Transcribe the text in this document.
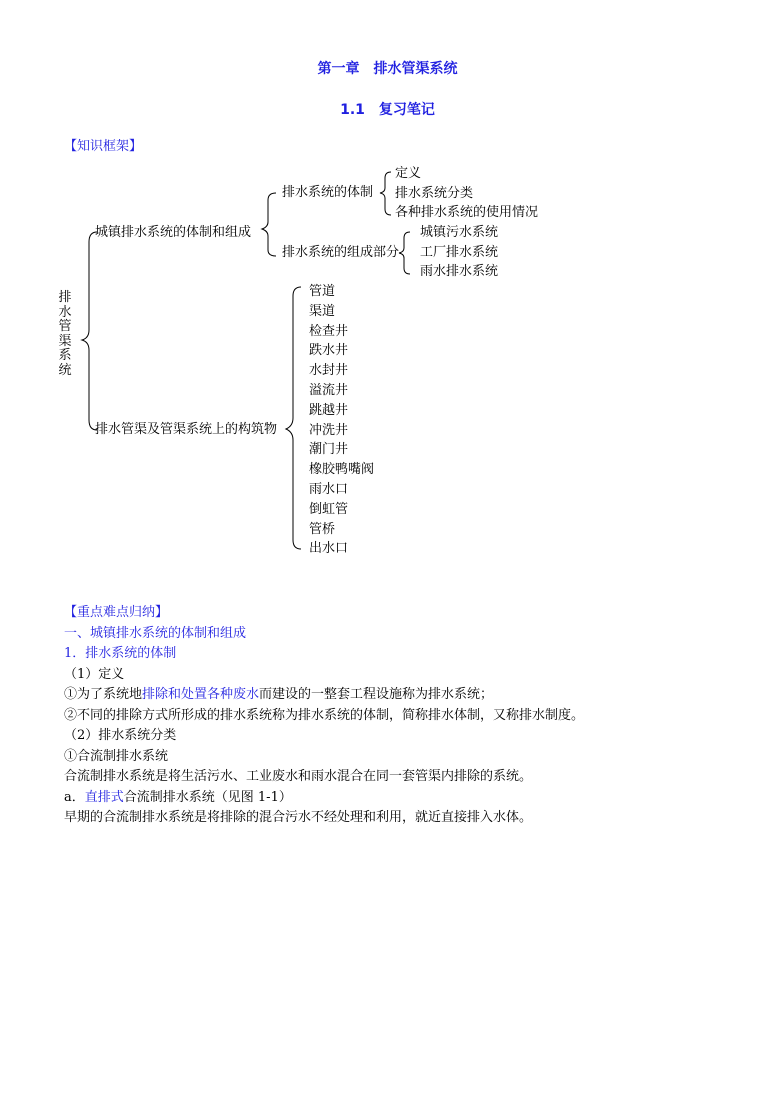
第一章　排水管渠系统
1.1　复习笔记
【知识框架】
排水管渠系统
城镇排水系统的体制和组成
排水系统的体制
排水系统的组成部分
定义
排水系统分类
各种排水系统的使用情况
城镇污水系统
工厂排水系统
雨水排水系统
排水管渠及管渠系统上的构筑物
管道
渠道
检查井
跌水井
水封井
溢流井
跳越井
冲洗井
潮门井
橡胶鸭嘴阀
雨水口
倒虹管
管桥
出水口
【重点难点归纳】
一、城镇排水系统的体制和组成
1．排水系统的体制
（1）定义
①为了系统地排除和处置各种废水而建设的一整套工程设施称为排水系统；
②不同的排除方式所形成的排水系统称为排水系统的体制，简称排水体制，又称排水制度。
（2）排水系统分类
①合流制排水系统
合流制排水系统是将生活污水、工业废水和雨水混合在同一套管渠内排除的系统。
a．直排式合流制排水系统（见图 1-1）
早期的合流制排水系统是将排除的混合污水不经处理和利用，就近直接排入水体。
